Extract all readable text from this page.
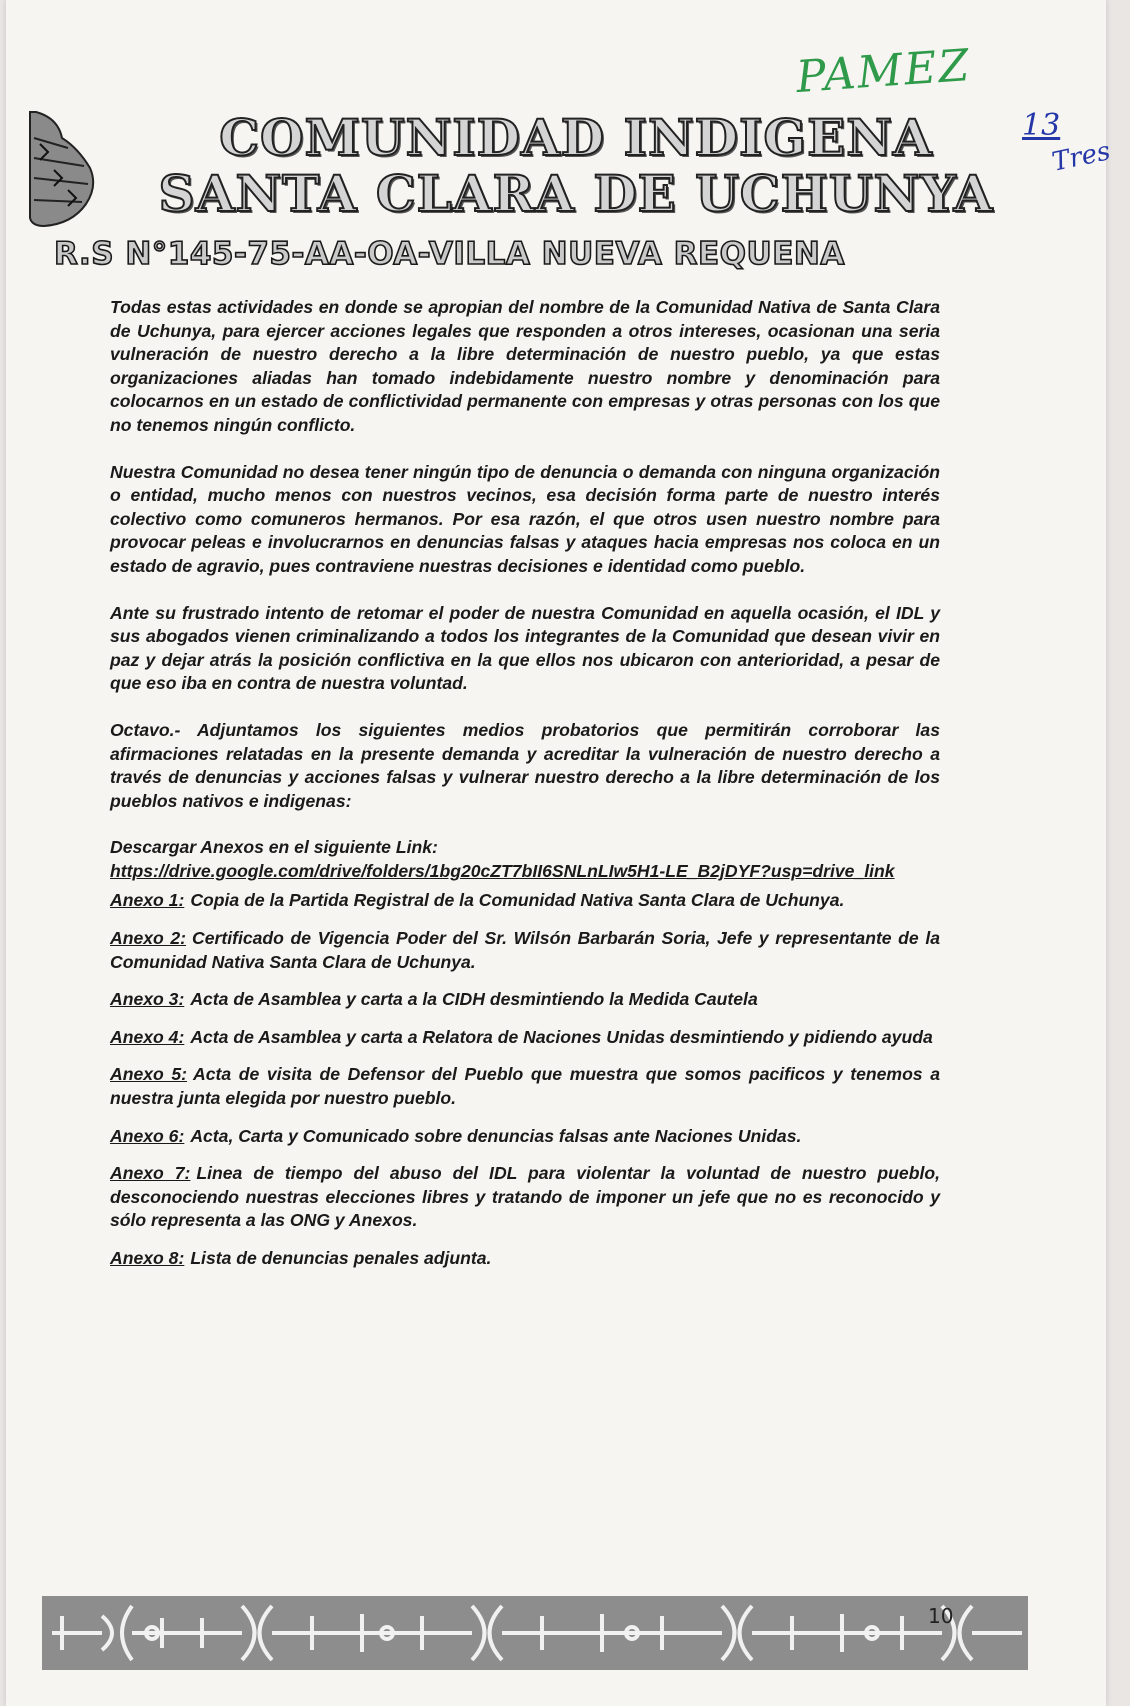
PAMEZ
13
Tres
COMUNIDAD INDIGENA
SANTA CLARA DE UCHUNYA
R.S N°145-75-AA-OA-VILLA NUEVA REQUENA

Todas estas actividades en donde se apropian del nombre de la Comunidad Nativa de Santa Clara de Uchunya, para ejercer acciones legales que responden a otros intereses, ocasionan una seria vulneración de nuestro derecho a la libre determinación de nuestro pueblo, ya que estas organizaciones aliadas han tomado indebidamente nuestro nombre y denominación para colocarnos en un estado de conflictividad permanente con empresas y otras personas con los que no tenemos ningún conflicto.

Nuestra Comunidad no desea tener ningún tipo de denuncia o demanda con ninguna organización o entidad, mucho menos con nuestros vecinos, esa decisión forma parte de nuestro interés colectivo como comuneros hermanos. Por esa razón, el que otros usen nuestro nombre para provocar peleas e involucrarnos en denuncias falsas y ataques hacia empresas nos coloca en un estado de agravio, pues contraviene nuestras decisiones e identidad como pueblo.

Ante su frustrado intento de retomar el poder de nuestra Comunidad en aquella ocasión, el IDL y sus abogados vienen criminalizando a todos los integrantes de la Comunidad que desean vivir en paz y dejar atrás la posición conflictiva en la que ellos nos ubicaron con anterioridad, a pesar de que eso iba en contra de nuestra voluntad.

Octavo.- Adjuntamos los siguientes medios probatorios que permitirán corroborar las afirmaciones relatadas en la presente demanda y acreditar la vulneración de nuestro derecho a través de denuncias y acciones falsas y vulnerar nuestro derecho a la libre determinación de los pueblos nativos e indigenas:

Descargar Anexos en el siguiente Link:
https://drive.google.com/drive/folders/1bg20cZT7bII6SNLnLIw5H1-LE_B2jDYF?usp=drive_link
Anexo 1: Copia de la Partida Registral de la Comunidad Nativa Santa Clara de Uchunya.
Anexo 2: Certificado de Vigencia Poder del Sr. Wilsón Barbarán Soria, Jefe y representante de la Comunidad Nativa Santa Clara de Uchunya.
Anexo 3: Acta de Asamblea y carta a la CIDH desmintiendo la Medida Cautela
Anexo 4: Acta de Asamblea y carta a Relatora de Naciones Unidas desmintiendo y pidiendo ayuda
Anexo 5: Acta de visita de Defensor del Pueblo que muestra que somos pacificos y tenemos a nuestra junta elegida por nuestro pueblo.
Anexo 6: Acta, Carta y Comunicado sobre denuncias falsas ante Naciones Unidas.
Anexo 7: Linea de tiempo del abuso del IDL para violentar la voluntad de nuestro pueblo, desconociendo nuestras elecciones libres y tratando de imponer un jefe que no es reconocido y sólo representa a las ONG y Anexos.
Anexo 8: Lista de denuncias penales adjunta.
10
